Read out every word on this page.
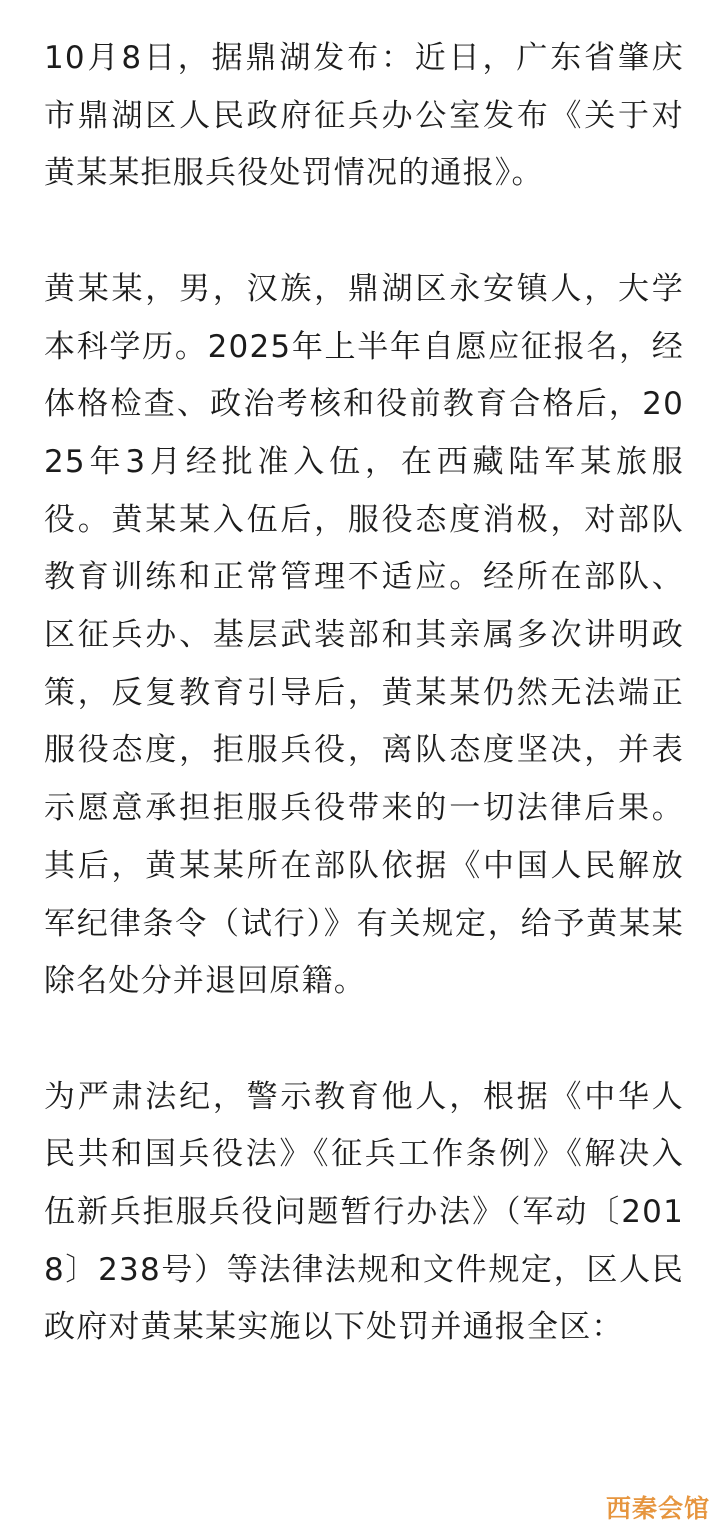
10月8日，据鼎湖发布：近日，广东省肇庆市鼎湖区人民政府征兵办公室发布《关于对黄某某拒服兵役处罚情况的通报》。

黄某某，男，汉族，鼎湖区永安镇人，大学本科学历。2025年上半年自愿应征报名，经体格检查、政治考核和役前教育合格后，2025年3月经批准入伍，在西藏陆军某旅服役。黄某某入伍后，服役态度消极，对部队教育训练和正常管理不适应。经所在部队、区征兵办、基层武装部和其亲属多次讲明政策，反复教育引导后，黄某某仍然无法端正服役态度，拒服兵役，离队态度坚决，并表示愿意承担拒服兵役带来的一切法律后果。其后，黄某某所在部队依据《中国人民解放军纪律条令（试行）》有关规定，给予黄某某除名处分并退回原籍。

为严肃法纪，警示教育他人，根据《中华人民共和国兵役法》《征兵工作条例》《解决入伍新兵拒服兵役问题暂行办法》（军动〔2018〕238号）等法律法规和文件规定，区人民政府对黄某某实施以下处罚并通报全区：

西秦会馆
